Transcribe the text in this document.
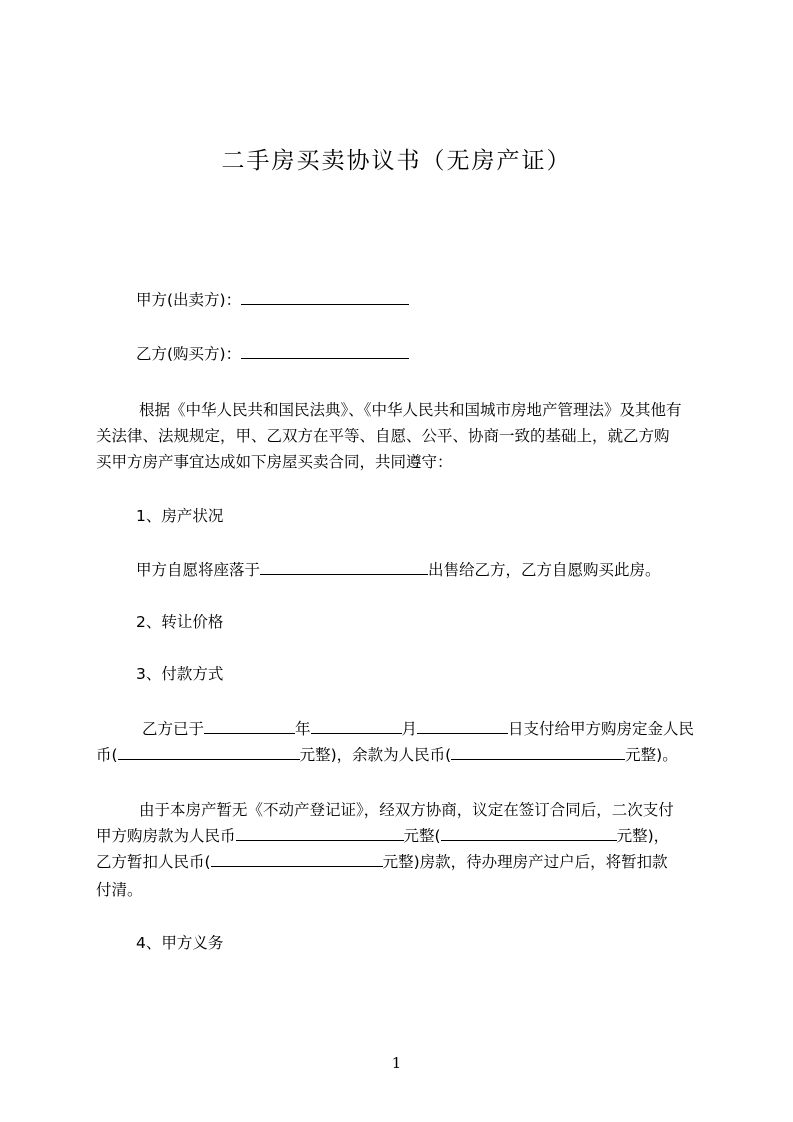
二手房买卖协议书（无房产证）
甲方(出卖方)：
乙方(购买方)：
根据《中华人民共和国民法典》、《中华人民共和国城市房地产管理法》及其他有
关法律、法规规定，甲、乙双方在平等、自愿、公平、协商一致的基础上，就乙方购
买甲方房产事宜达成如下房屋买卖合同，共同遵守：
1、房产状况
甲方自愿将座落于	出售给乙方，乙方自愿购买此房。
2、转让价格
3、付款方式
乙方已于	年	月	日支付给甲方购房定金人民
币(	元整)，余款为人民币(	元整)。
由于本房产暂无《不动产登记证》，经双方协商，议定在签订合同后，二次支付
甲方购房款为人民币	元整(	元整)，
乙方暂扣人民币(	元整)房款，待办理房产过户后，将暂扣款
付清。
4、甲方义务
1
